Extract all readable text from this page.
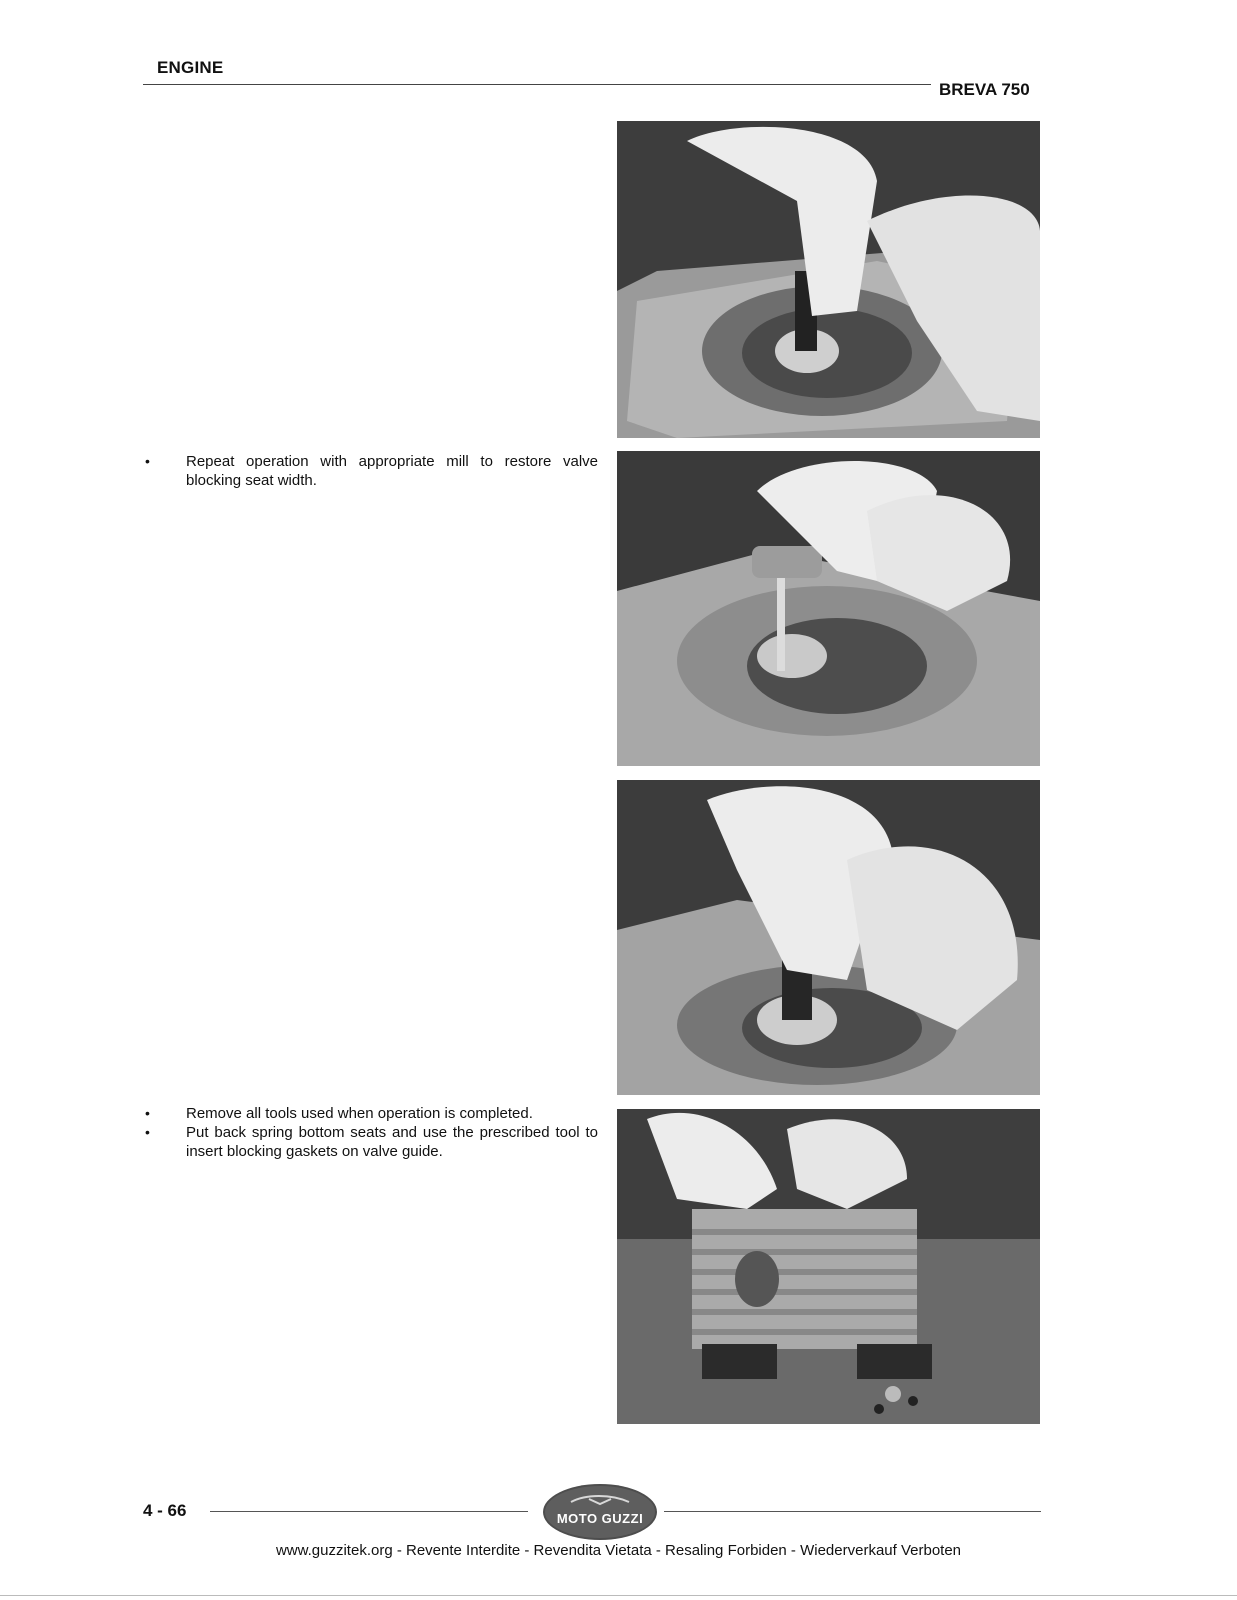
ENGINE
BREVA 750
• Repeat operation with appropriate mill to restore valve blocking seat width.
• Remove all tools used when operation is completed.
• Put back spring bottom seats and use the prescribed tool to insert blocking gaskets on valve guide.
4 - 66	MOTO GUZZI
www.guzzitek.org - Revente Interdite - Revendita Vietata - Resaling Forbiden - Wiederverkauf Verboten
